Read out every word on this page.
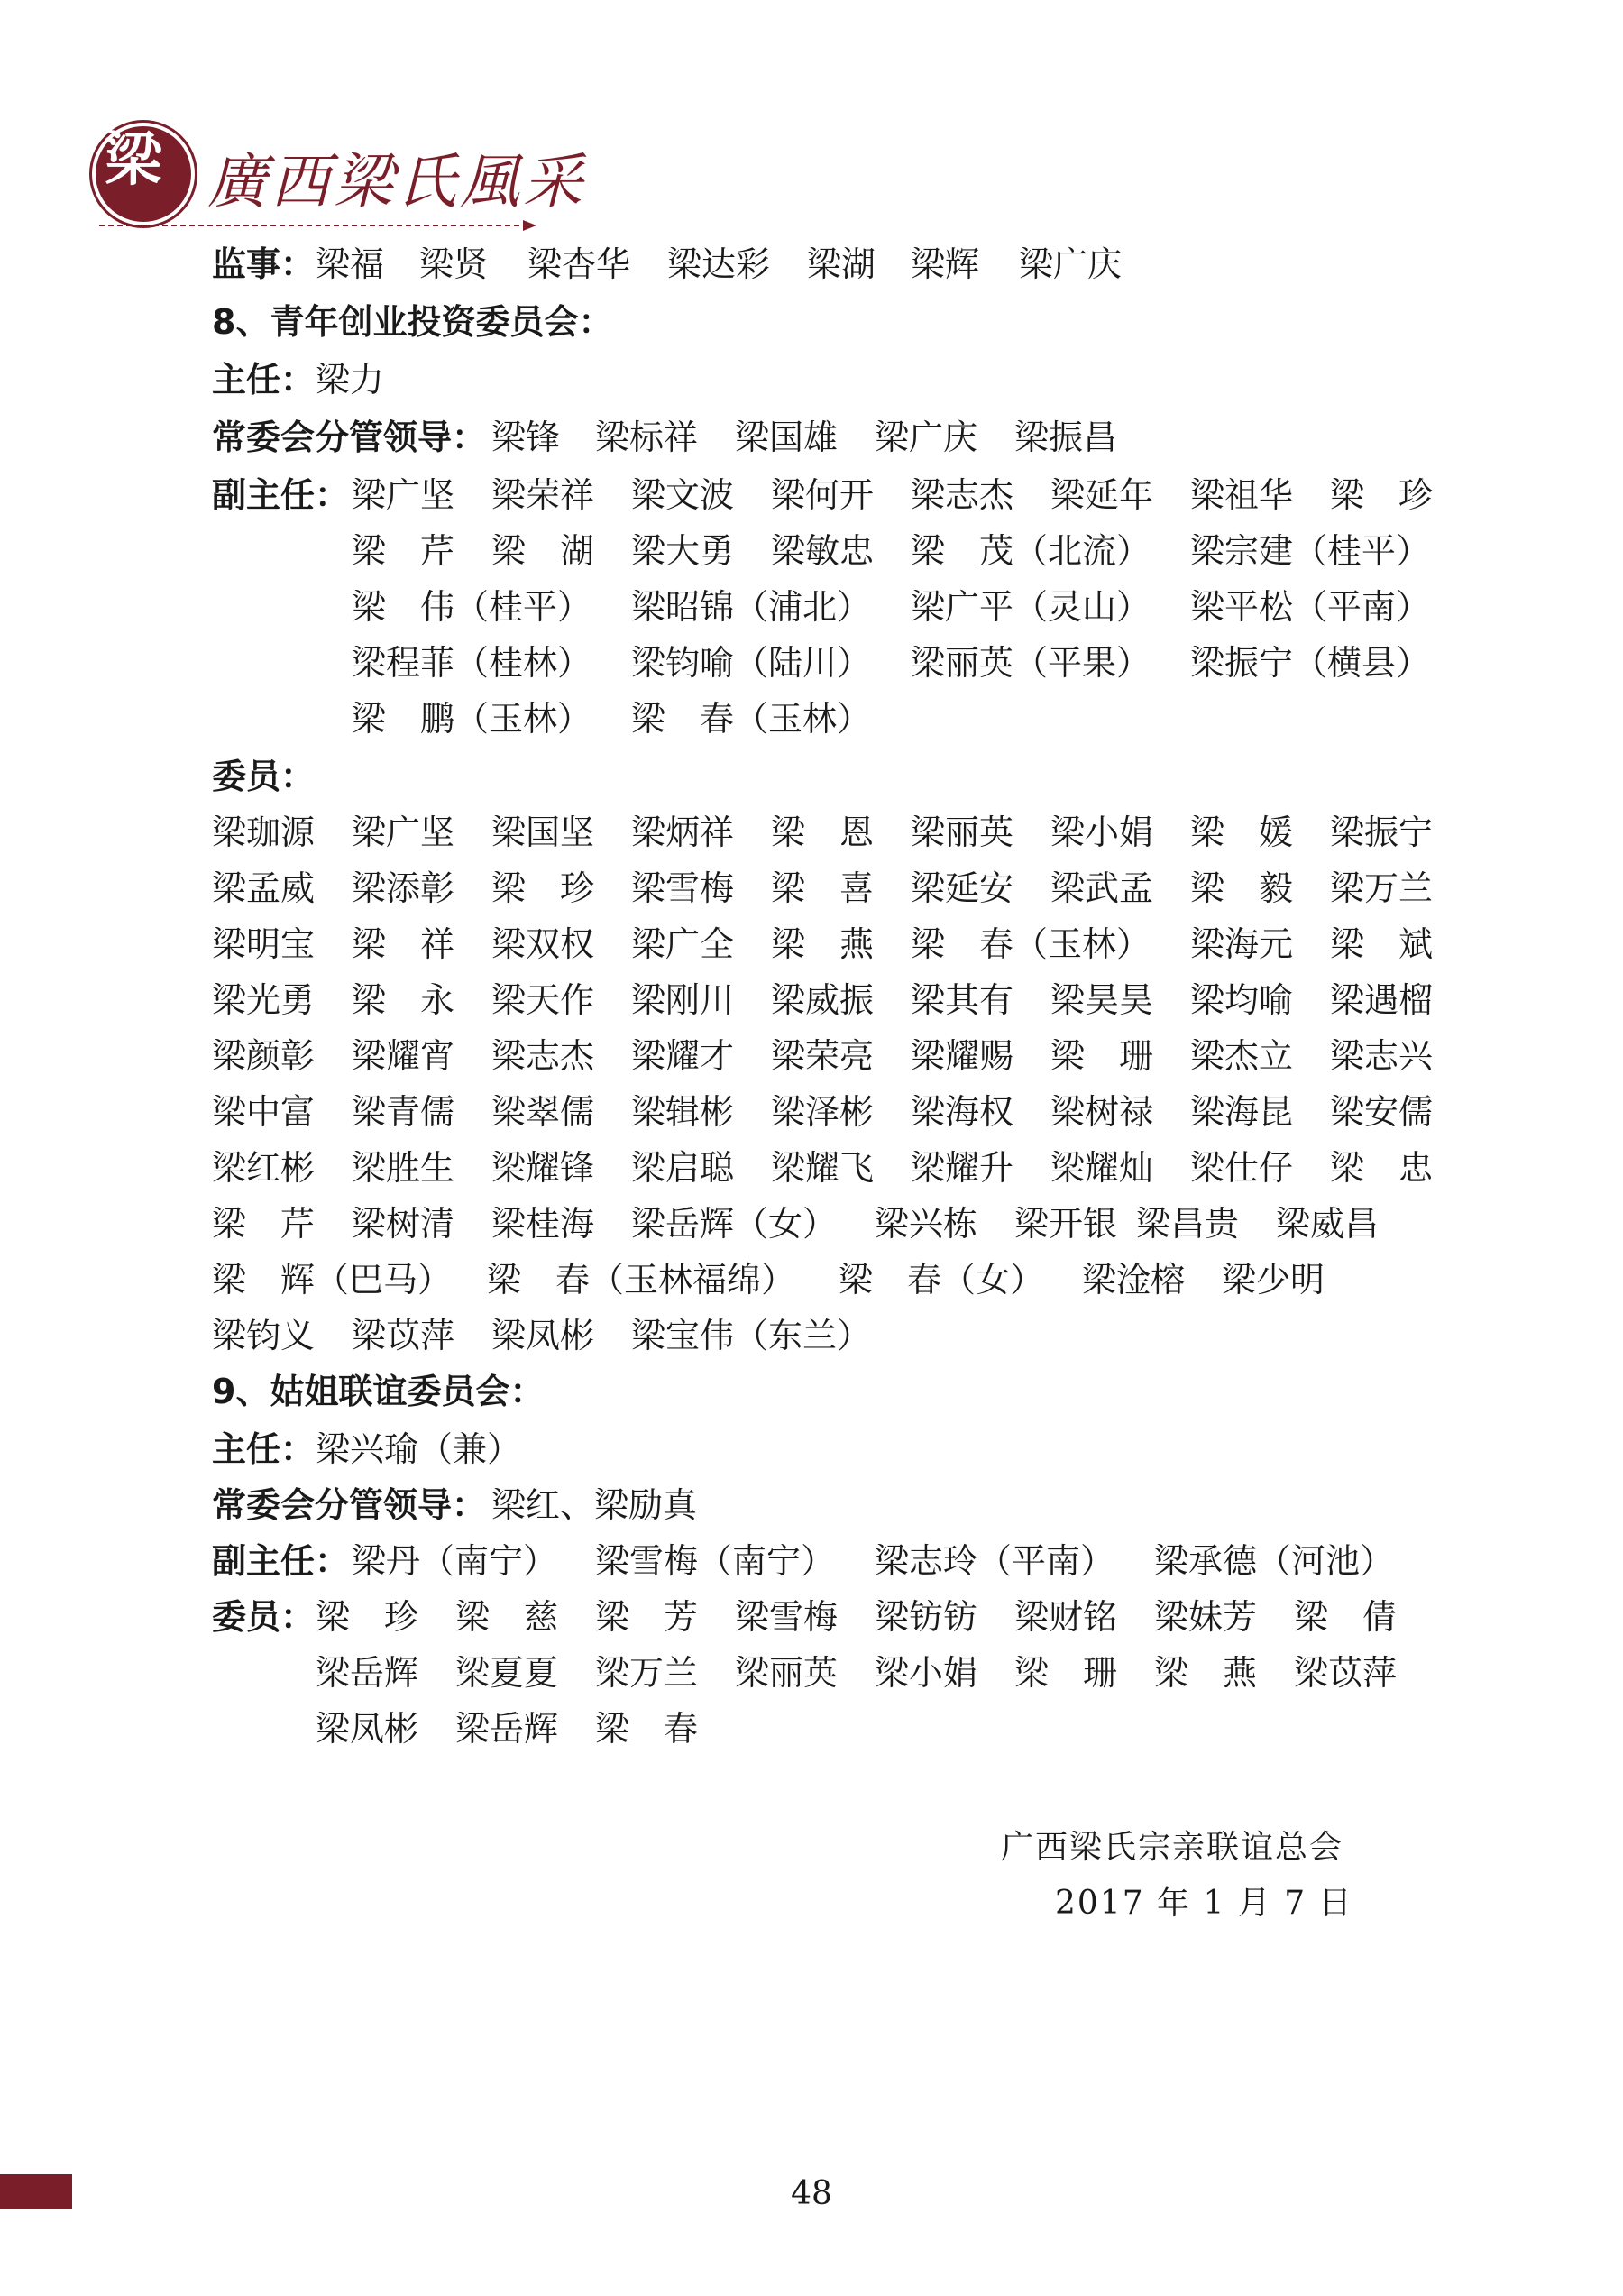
梁 廣西梁氏風采
监事： 梁福 梁贤 梁杏华 梁达彩 梁湖 梁辉 梁广庆
8、青年创业投资委员会：
主任： 梁力
常委会分管领导： 梁锋 梁标祥 梁国雄 梁广庆 梁振昌
副主任： 梁广坚 梁荣祥 梁文波 梁何开 梁志杰 梁延年 梁祖华 梁　珍
梁　芹 梁　湖 梁大勇 梁敏忠 梁　茂（北流） 梁宗建（桂平）
梁　伟（桂平） 梁昭锦（浦北） 梁广平（灵山） 梁平松（平南）
梁程菲（桂林） 梁钧喻（陆川） 梁丽英（平果） 梁振宁（横县）
梁　鹏（玉林） 梁　春（玉林）
委员：
梁珈源 梁广坚 梁国坚 梁炳祥 梁　恩 梁丽英 梁小娟 梁　媛 梁振宁
梁孟威 梁添彰 梁　珍 梁雪梅 梁　喜 梁延安 梁武孟 梁　毅 梁万兰
梁明宝 梁　祥 梁双权 梁广全 梁　燕 梁　春（玉林） 梁海元 梁　斌
梁光勇 梁　永 梁天作 梁刚川 梁威振 梁其有 梁昊昊 梁均喻 梁遇榴
梁颜彰 梁耀宵 梁志杰 梁耀才 梁荣亮 梁耀赐 梁　珊 梁杰立 梁志兴
梁中富 梁青儒 梁翠儒 梁辑彬 梁泽彬 梁海权 梁树禄 梁海昆 梁安儒
梁红彬 梁胜生 梁耀锋 梁启聪 梁耀飞 梁耀升 梁耀灿 梁仕仔 梁　忠
梁　芹 梁树清 梁桂海 梁岳辉（女） 梁兴栋 梁开银 梁昌贵 梁威昌
梁　辉（巴马） 梁　春（玉林福绵） 梁　春（女） 梁淦榕 梁少明
梁钧义 梁苡萍 梁凤彬 梁宝伟（东兰）
9、姑姐联谊委员会：
主任： 梁兴瑜（兼）
常委会分管领导： 梁红、梁励真
副主任： 梁丹（南宁） 梁雪梅（南宁） 梁志玲（平南） 梁承德（河池）
委员： 梁　珍 梁　慈 梁　芳 梁雪梅 梁钫钫 梁财铭 梁妹芳 梁　倩
梁岳辉 梁夏夏 梁万兰 梁丽英 梁小娟 梁　珊 梁　燕 梁苡萍
梁凤彬 梁岳辉 梁　春
广西梁氏宗亲联谊总会
2017 年 1 月 7 日
48
